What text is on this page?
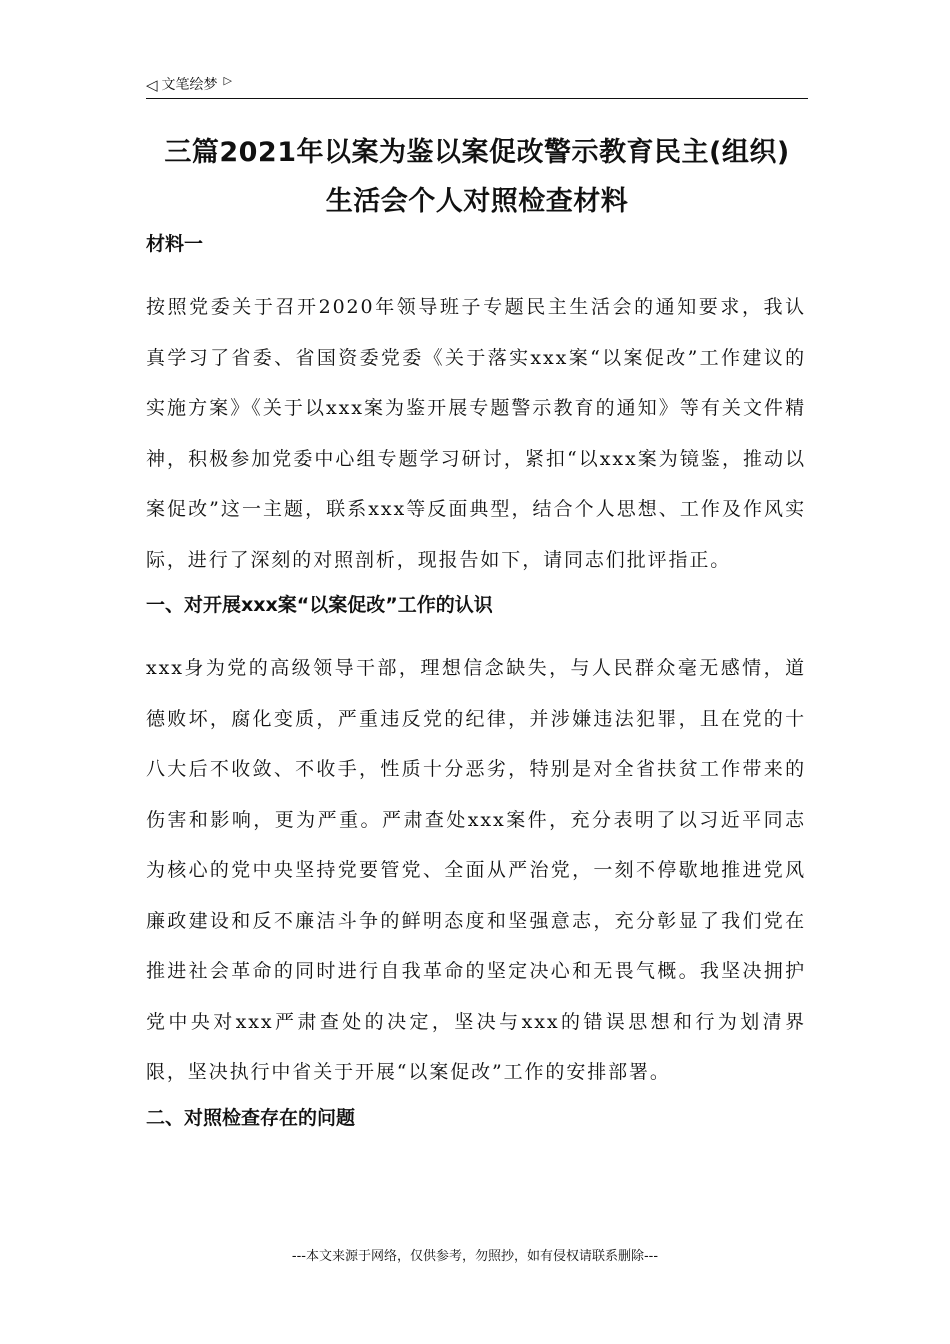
◁ 文笔绘梦 ▷
三篇2021年以案为鉴以案促改警示教育民主(组织)
生活会个人对照检查材料
材料一

按照党委关于召开2020年领导班子专题民主生活会的通知要求，我认真学习了省委、省国资委党委《关于落实xxx案“以案促改”工作建议的实施方案》《关于以xxx案为鉴开展专题警示教育的通知》等有关文件精神，积极参加党委中心组专题学习研讨，紧扣“以xxx案为镜鉴，推动以案促改”这一主题，联系xxx等反面典型，结合个人思想、工作及作风实际，进行了深刻的对照剖析，现报告如下，请同志们批评指正。

一、对开展xxx案“以案促改”工作的认识

xxx身为党的高级领导干部，理想信念缺失，与人民群众毫无感情，道德败坏，腐化变质，严重违反党的纪律，并涉嫌违法犯罪，且在党的十八大后不收敛、不收手，性质十分恶劣，特别是对全省扶贫工作带来的伤害和影响，更为严重。严肃查处xxx案件，充分表明了以习近平同志为核心的党中央坚持党要管党、全面从严治党，一刻不停歇地推进党风廉政建设和反不廉洁斗争的鲜明态度和坚强意志，充分彰显了我们党在推进社会革命的同时进行自我革命的坚定决心和无畏气概。我坚决拥护党中央对xxx严肃查处的决定，坚决与xxx的错误思想和行为划清界限，坚决执行中省关于开展“以案促改”工作的安排部署。

二、对照检查存在的问题
---本文来源于网络，仅供参考，勿照抄，如有侵权请联系删除---
